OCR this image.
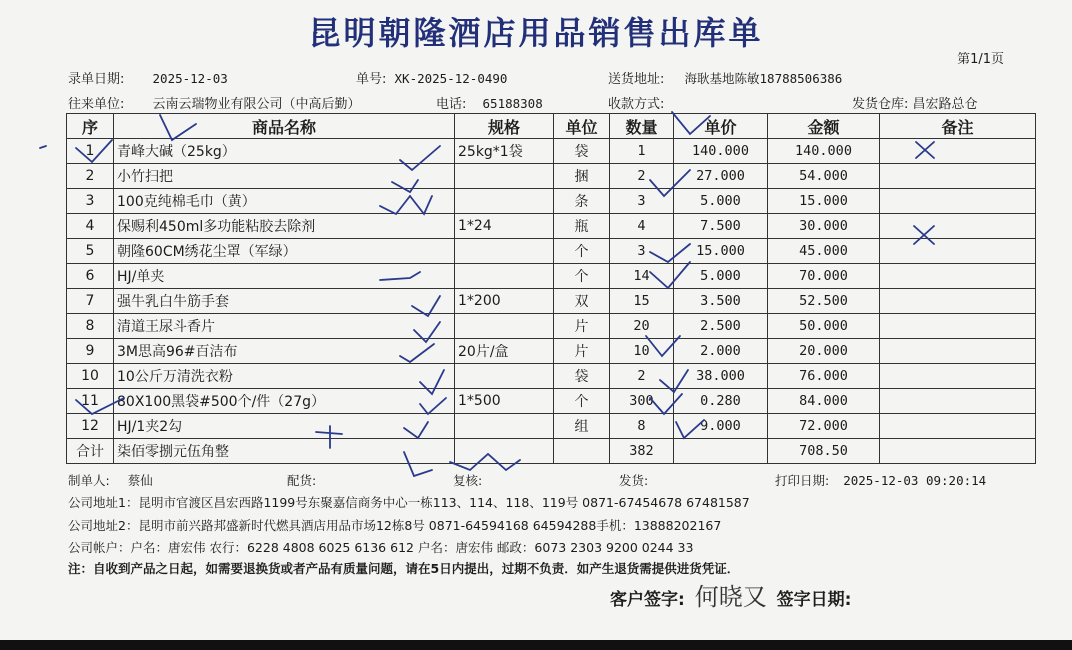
昆明朝隆酒店用品销售出库单
第1/1页
录单日期: 2025-12-03	单号: XK-2025-12-0490	送货地址: 海耿基地陈敏18788506386
往来单位: 云南云瑞物业有限公司（中高后勤）	电话: 65188308	收款方式:	发货仓库: 昌宏路总仓
序	商品名称	规格	单位	数量	单价	金额	备注
1	青峰大碱（25kg）	25kg*1袋	袋	1	140.000	140.000	
2	小竹扫把		捆	2	27.000	54.000	
3	100克纯棉毛巾（黄）		条	3	5.000	15.000	
4	保赐利450ml多功能粘胶去除剂	1*24	瓶	4	7.500	30.000	
5	朝隆60CM绣花尘罩（军绿）		个	3	15.000	45.000	
6	HJ/单夹		个	14	5.000	70.000	
7	强牛乳白牛筋手套	1*200	双	15	3.500	52.500	
8	清道王尿斗香片		片	20	2.500	50.000	
9	3M思高96#百洁布	20片/盒	片	10	2.000	20.000	
10	10公斤万清洗衣粉		袋	2	38.000	76.000	
11	80X100黑袋#500个/件（27g）	1*500	个	300	0.280	84.000	
12	HJ/1夹2勾		组	8	9.000	72.000	
合计	柒佰零捌元伍角整			382		708.50	
制单人: 蔡仙	配货:	复核:	发货:	打印日期: 2025-12-03 09:20:14
公司地址1：昆明市官渡区昌宏西路1199号东聚嘉信商务中心一栋113、114、118、119号 0871-67454678 67481587
公司地址2：昆明市前兴路邦盛新时代燃具酒店用品市场12栋8号 0871-64594168 64594288手机：13888202167
公司帐户：户名：唐宏伟 农行：6228 4808 6025 6136 612 户名：唐宏伟 邮政：6073 2303 9200 0244 33
注：自收到产品之日起，如需要退换货或者产品有质量问题，请在5日内提出，过期不负责．如产生退货需提供进货凭证．
客户签字: 何晓又 签字日期:
